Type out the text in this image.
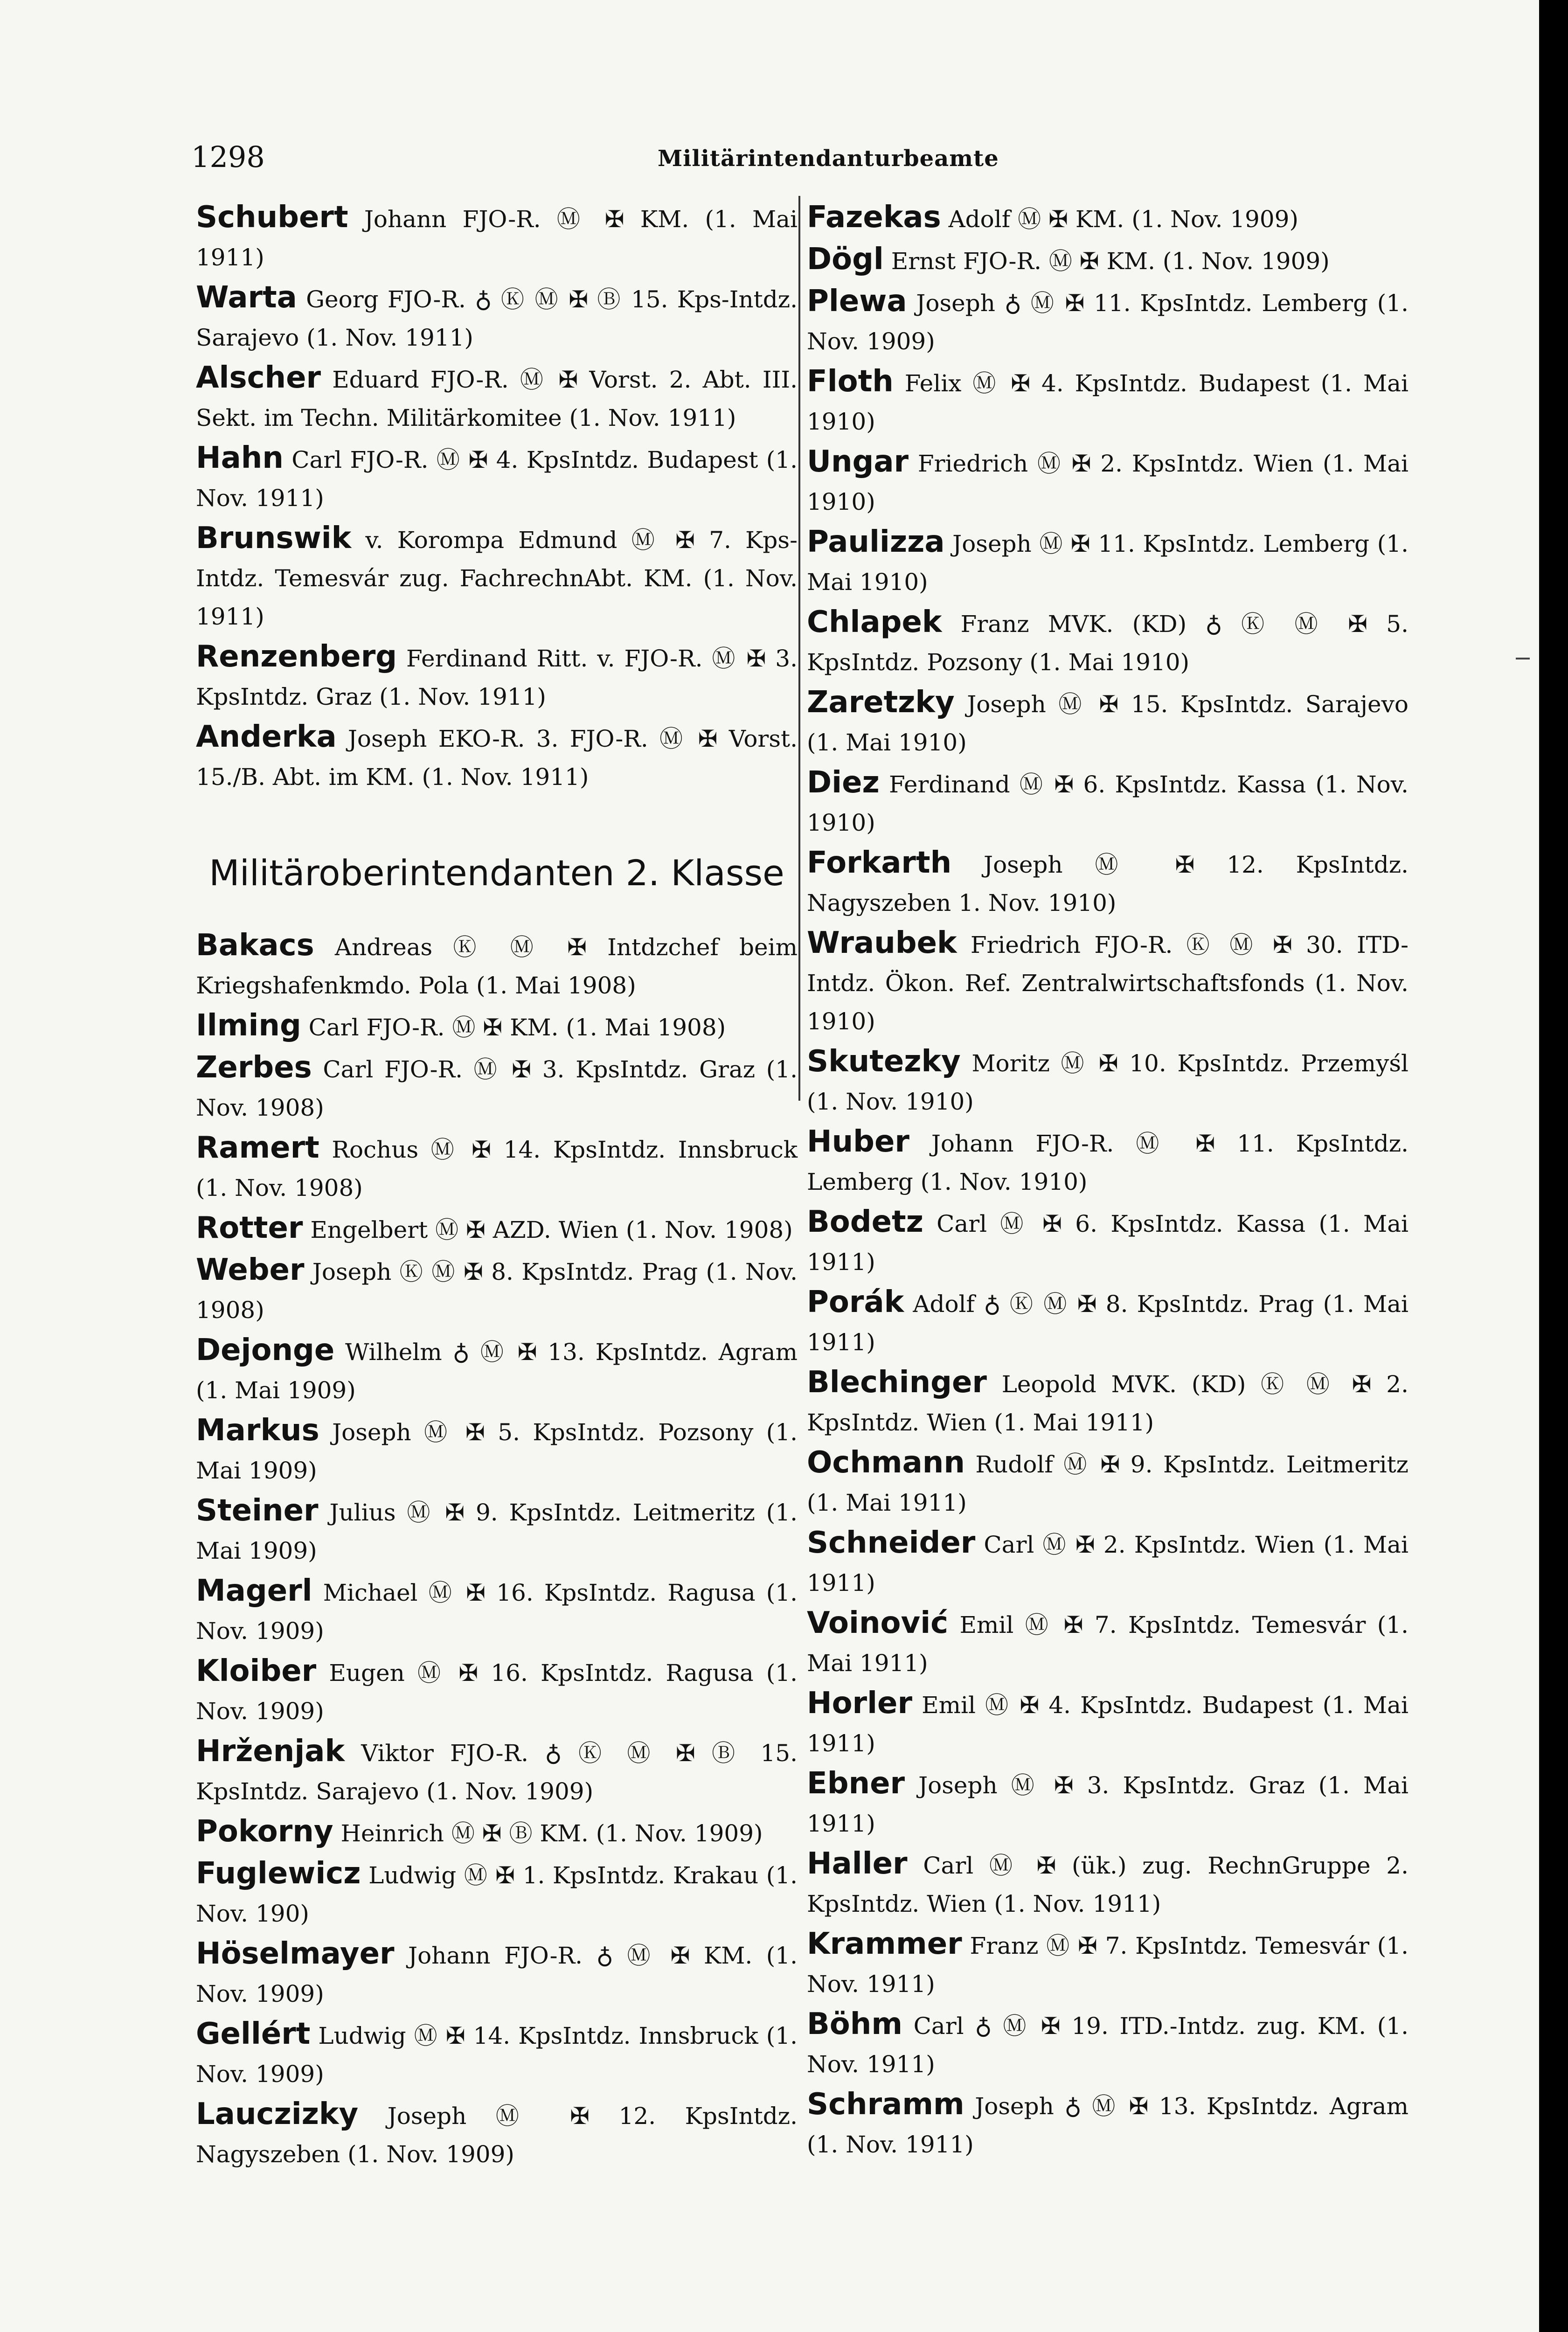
1298	Militärintendanturbeamte

Schubert Johann FJO-R. Ⓜ ✠ KM. (1. Mai 1911)

Warta Georg FJO-R. ♁ Ⓚ Ⓜ ✠ Ⓑ 15. Kps-Intdz. Sarajevo (1. Nov. 1911)

Alscher Eduard FJO-R. Ⓜ ✠ Vorst. 2. Abt. III. Sekt. im Techn. Militärkomitee (1. Nov. 1911)

Hahn Carl FJO-R. Ⓜ ✠ 4. KpsIntdz. Budapest (1. Nov. 1911)

Brunswik v. Korompa Edmund Ⓜ ✠ 7. Kps-Intdz. Temesvár zug. FachrechnAbt. KM. (1. Nov. 1911)

Renzenberg Ferdinand Ritt. v. FJO-R. Ⓜ ✠ 3. KpsIntdz. Graz (1. Nov. 1911)

Anderka Joseph EKO-R. 3. FJO-R. Ⓜ ✠ Vorst. 15./B. Abt. im KM. (1. Nov. 1911)

Militäroberintendanten 2. Klasse

Bakacs Andreas Ⓚ Ⓜ ✠ Intdzchef beim Kriegshafenkmdo. Pola (1. Mai 1908)

Ilming Carl FJO-R. Ⓜ ✠ KM. (1. Mai 1908)

Zerbes Carl FJO-R. Ⓜ ✠ 3. KpsIntdz. Graz (1. Nov. 1908)

Ramert Rochus Ⓜ ✠ 14. KpsIntdz. Innsbruck (1. Nov. 1908)

Rotter Engelbert Ⓜ ✠ AZD. Wien (1. Nov. 1908)

Weber Joseph Ⓚ Ⓜ ✠ 8. KpsIntdz. Prag (1. Nov. 1908)

Dejonge Wilhelm ♁ Ⓜ ✠ 13. KpsIntdz. Agram (1. Mai 1909)

Markus Joseph Ⓜ ✠ 5. KpsIntdz. Pozsony (1. Mai 1909)

Steiner Julius Ⓜ ✠ 9. KpsIntdz. Leitmeritz (1. Mai 1909)

Magerl Michael Ⓜ ✠ 16. KpsIntdz. Ragusa (1. Nov. 1909)

Kloiber Eugen Ⓜ ✠ 16. KpsIntdz. Ragusa (1. Nov. 1909)

Hrženjak Viktor FJO-R. ♁ Ⓚ Ⓜ ✠ Ⓑ 15. KpsIntdz. Sarajevo (1. Nov. 1909)

Pokorny Heinrich Ⓜ ✠ Ⓑ KM. (1. Nov. 1909)

Fuglewicz Ludwig Ⓜ ✠ 1. KpsIntdz. Krakau (1. Nov. 190)

Höselmayer Johann FJO-R. ♁ Ⓜ ✠ KM. (1. Nov. 1909)

Gellért Ludwig Ⓜ ✠ 14. KpsIntdz. Innsbruck (1. Nov. 1909)

Lauczizky Joseph Ⓜ ✠ 12. KpsIntdz. Nagyszeben (1. Nov. 1909)

Fazekas Adolf Ⓜ ✠ KM. (1. Nov. 1909)

Dögl Ernst FJO-R. Ⓜ ✠ KM. (1. Nov. 1909)

Plewa Joseph ♁ Ⓜ ✠ 11. KpsIntdz. Lemberg (1. Nov. 1909)

Floth Felix Ⓜ ✠ 4. KpsIntdz. Budapest (1. Mai 1910)

Ungar Friedrich Ⓜ ✠ 2. KpsIntdz. Wien (1. Mai 1910)

Paulizza Joseph Ⓜ ✠ 11. KpsIntdz. Lemberg (1. Mai 1910)

Chlapek Franz MVK. (KD) ♁ Ⓚ Ⓜ ✠ 5. KpsIntdz. Pozsony (1. Mai 1910)

Zaretzky Joseph Ⓜ ✠ 15. KpsIntdz. Sarajevo (1. Mai 1910)

Diez Ferdinand Ⓜ ✠ 6. KpsIntdz. Kassa (1. Nov. 1910)

Forkarth Joseph Ⓜ ✠ 12. KpsIntdz. Nagyszeben 1. Nov. 1910)

Wraubek Friedrich FJO-R. Ⓚ Ⓜ ✠ 30. ITD-Intdz. Ökon. Ref. Zentralwirtschaftsfonds (1. Nov. 1910)

Skutezky Moritz Ⓜ ✠ 10. KpsIntdz. Przemyśl (1. Nov. 1910)

Huber Johann FJO-R. Ⓜ ✠ 11. KpsIntdz. Lemberg (1. Nov. 1910)

Bodetz Carl Ⓜ ✠ 6. KpsIntdz. Kassa (1. Mai 1911)

Porák Adolf ♁ Ⓚ Ⓜ ✠ 8. KpsIntdz. Prag (1. Mai 1911)

Blechinger Leopold MVK. (KD) Ⓚ Ⓜ ✠ 2. KpsIntdz. Wien (1. Mai 1911)

Ochmann Rudolf Ⓜ ✠ 9. KpsIntdz. Leitmeritz (1. Mai 1911)

Schneider Carl Ⓜ ✠ 2. KpsIntdz. Wien (1. Mai 1911)

Voinović Emil Ⓜ ✠ 7. KpsIntdz. Temesvár (1. Mai 1911)

Horler Emil Ⓜ ✠ 4. KpsIntdz. Budapest (1. Mai 1911)

Ebner Joseph Ⓜ ✠ 3. KpsIntdz. Graz (1. Mai 1911)

Haller Carl Ⓜ ✠ (ük.) zug. RechnGruppe 2. KpsIntdz. Wien (1. Nov. 1911)

Krammer Franz Ⓜ ✠ 7. KpsIntdz. Temesvár (1. Nov. 1911)

Böhm Carl ♁ Ⓜ ✠ 19. ITD.-Intdz. zug. KM. (1. Nov. 1911)

Schramm Joseph ♁ Ⓜ ✠ 13. KpsIntdz. Agram (1. Nov. 1911)
